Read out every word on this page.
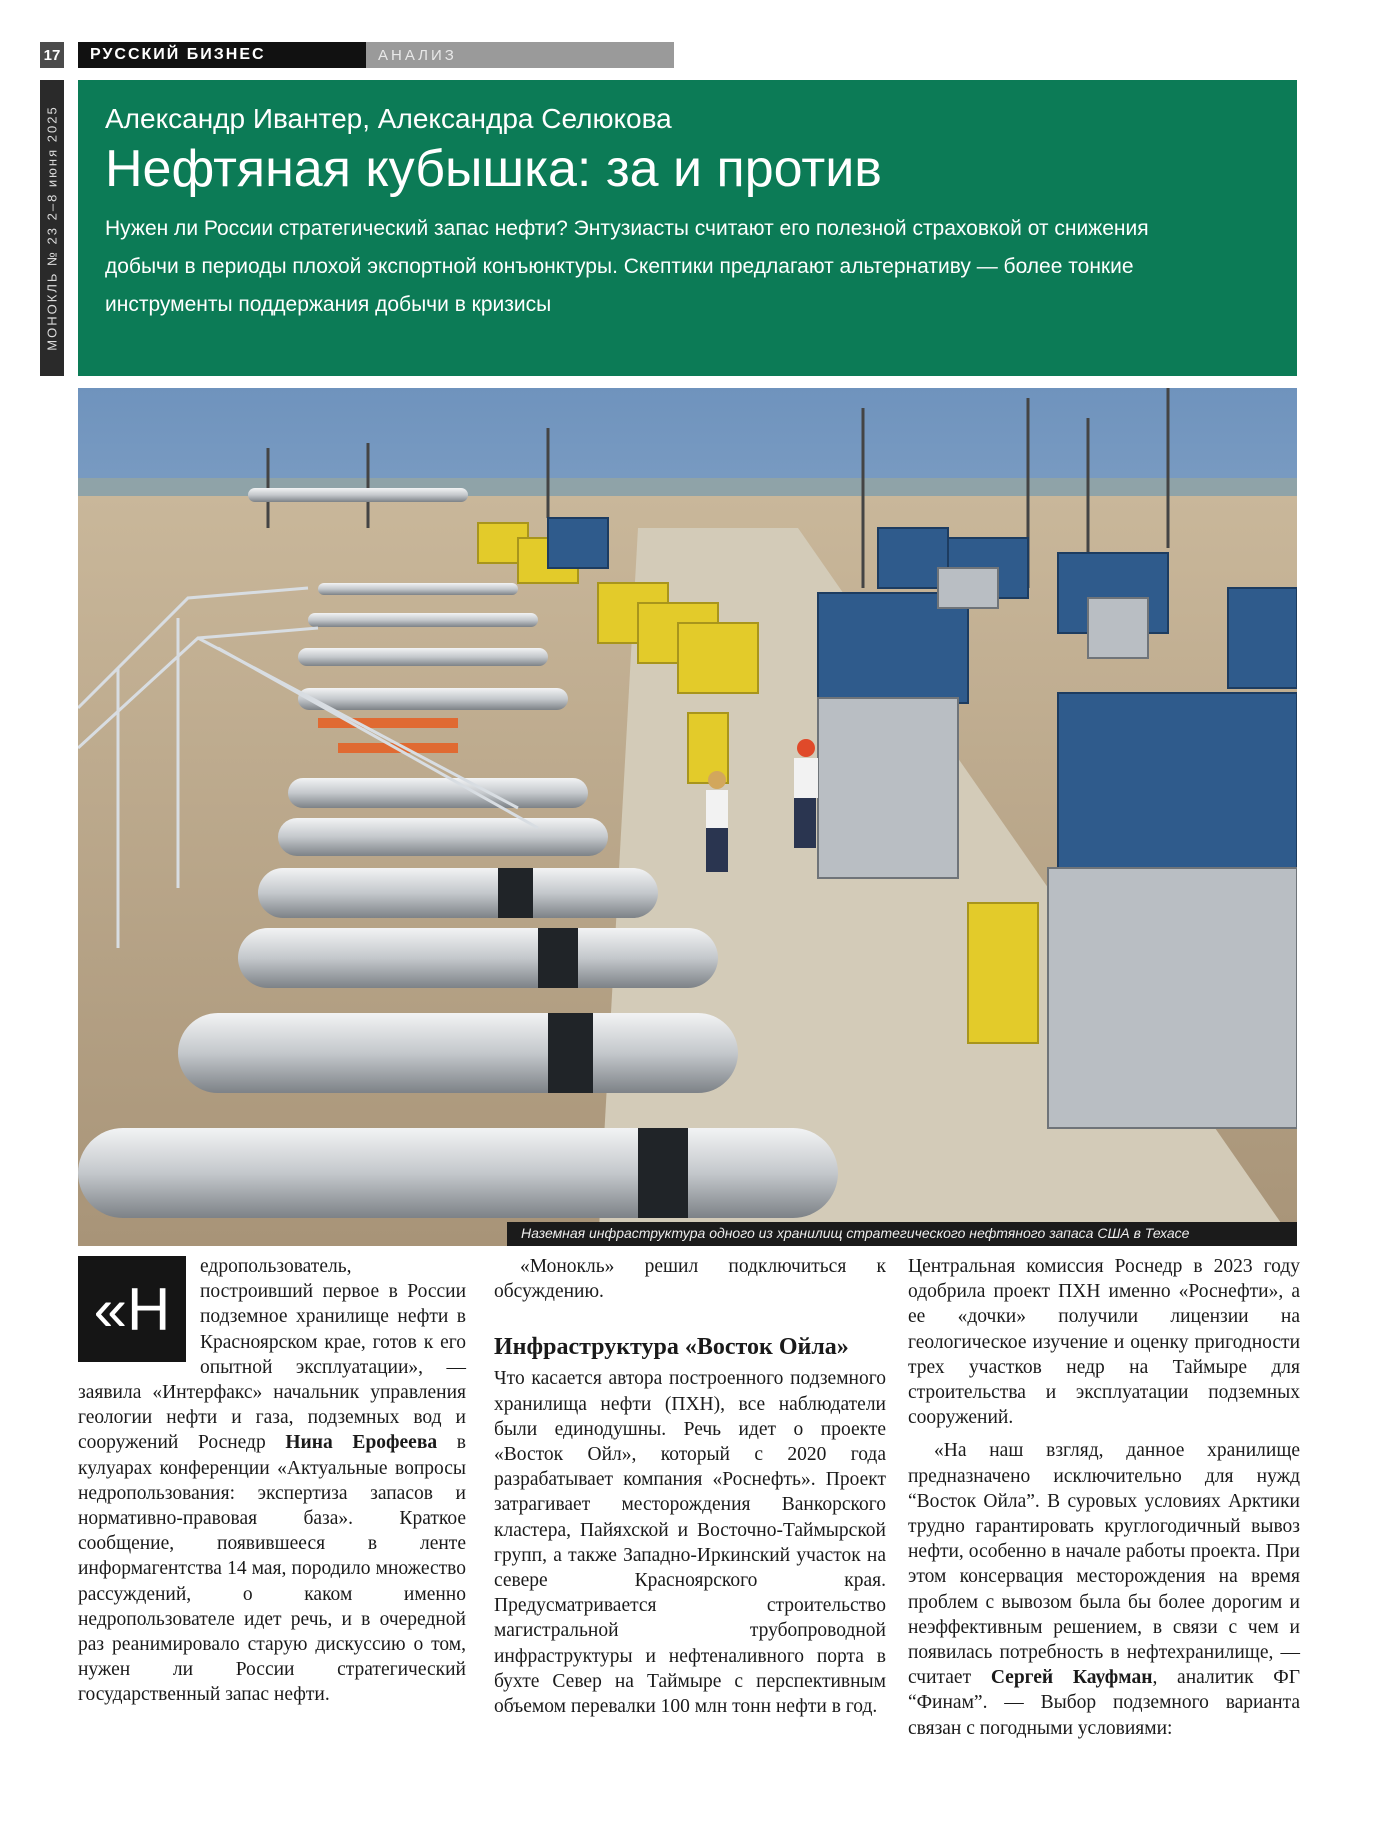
17	РУССКИЙ БИЗНЕС	АНАЛИЗ
МОНОКЛЬ № 23 2–8 июня 2025 Александр Ивантер, Александра Селюкова
Нефтяная кубышка: за и против
Нужен ли России стратегический запас нефти? Энтузиасты считают его полезной страховкой от снижения добычи в периоды плохой экспортной конъюнктуры. Скептики предлагают альтернативу — более тонкие инструменты поддержания добычи в кризисы
Наземная инфраструктура одного из хранилищ стратегического нефтяного запаса США в Техасе
«Н

едропользователь, построивший первое в России подземное хранилище нефти в Красноярском крае, готов к его опытной эксплуатации», — заявила «Интерфакс» начальник управления геологии нефти и газа, подземных вод и сооружений Роснедр Нина Ерофеева в кулуарах конференции «Актуальные вопросы недропользования: экспертиза запасов и нормативно-правовая база». Краткое сообщение, появившееся в ленте информагентства 14 мая, породило множество рассуждений, о каком именно недропользователе идет речь, и в очередной раз реанимировало старую дискуссию о том, нужен ли России стратегический государственный запас нефти.

«Монокль» решил подключиться к обсуждению.

Инфраструктура «Восток Ойла»

Что касается автора построенного подземного хранилища нефти (ПХН), все наблюдатели были единодушны. Речь идет о проекте «Восток Ойл», который с 2020 года разрабатывает компания «Роснефть». Проект затрагивает месторождения Ванкорского кластера, Пайяхской и Восточно-Таймырской групп, а также Западно-Иркинский участок на севере Красноярского края. Предусматривается строительство магистральной трубопроводной инфраструктуры и нефтеналивного порта в бухте Север на Таймыре с перспективным объемом перевалки 100 млн тонн нефти в год.

Центральная комиссия Роснедр в 2023 году одобрила проект ПХН именно «Роснефти», а ее «дочки» получили лицензии на геологическое изучение и оценку пригодности трех участков недр на Таймыре для строительства и эксплуатации подземных сооружений.

«На наш взгляд, данное хранилище предназначено исключительно для нужд “Восток Ойла”. В суровых условиях Арктики трудно гарантировать круглогодичный вывоз нефти, особенно в начале работы проекта. При этом консервация месторождения на время проблем с вывозом была бы более дорогим и неэффективным решением, в связи с чем и появилась потребность в нефтехранилище, — считает Сергей Кауфман, аналитик ФГ “Финам”. — Выбор подземного варианта связан с погодными условиями:
